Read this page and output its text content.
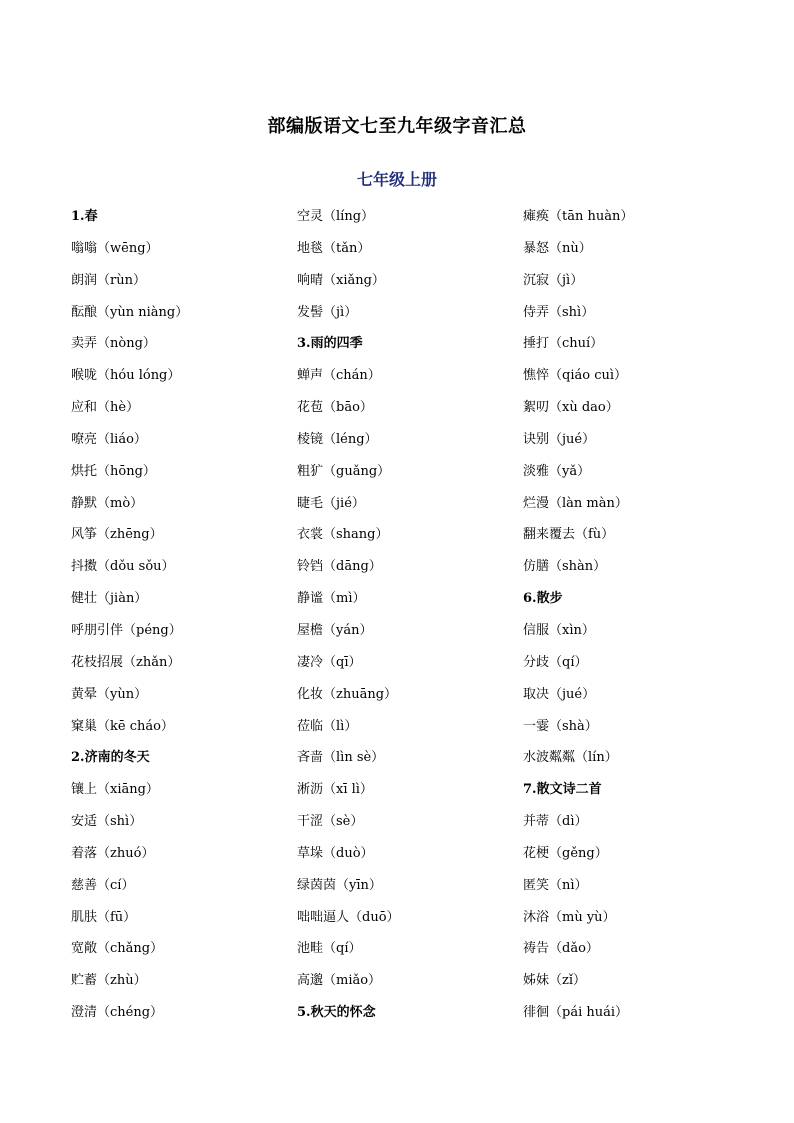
部编版语文七至九年级字音汇总
七年级上册
1.春
嗡嗡（wēng）
朗润（rùn）
酝酿（yùn niàng）
卖弄（nòng）
喉咙（hóu lóng）
应和（hè）
嘹亮（liáo）
烘托（hōng）
静默（mò）
风筝（zhēng）
抖擞（dǒu sǒu）
健壮（jiàn）
呼朋引伴（péng）
花枝招展（zhǎn）
黄晕（yùn）
窠巢（kē cháo）
2.济南的冬天
镶上（xiāng）
安适（shì）
着落（zhuó）
慈善（cí）
肌肤（fū）
宽敞（chǎng）
贮蓄（zhù）
澄清（chéng）
空灵（líng）
地毯（tǎn）
响晴（xiǎng）
发髻（jì）
3.雨的四季
蝉声（chán）
花苞（bāo）
棱镜（léng）
粗犷（guǎng）
睫毛（jié）
衣裳（shang）
铃铛（dāng）
静谧（mì）
屋檐（yán）
凄冷（qī）
化妆（zhuāng）
莅临（lì）
吝啬（lìn sè）
淅沥（xī lì）
干涩（sè）
草垛（duò）
绿茵茵（yīn）
咄咄逼人（duō）
池畦（qí）
高邈（miǎo）
5.秋天的怀念
瘫痪（tān huàn）
暴怒（nù）
沉寂（jì）
侍弄（shì）
捶打（chuí）
憔悴（qiáo cuì）
絮叨（xù dao）
诀别（jué）
淡雅（yǎ）
烂漫（làn màn）
翻来覆去（fù）
仿膳（shàn）
6.散步
信服（xìn）
分歧（qí）
取决（jué）
一霎（shà）
水波粼粼（lín）
7.散文诗二首
并蒂（dì）
花梗（gěng）
匿笑（nì）
沐浴（mù yù）
祷告（dǎo）
姊妹（zǐ）
徘徊（pái huái）
